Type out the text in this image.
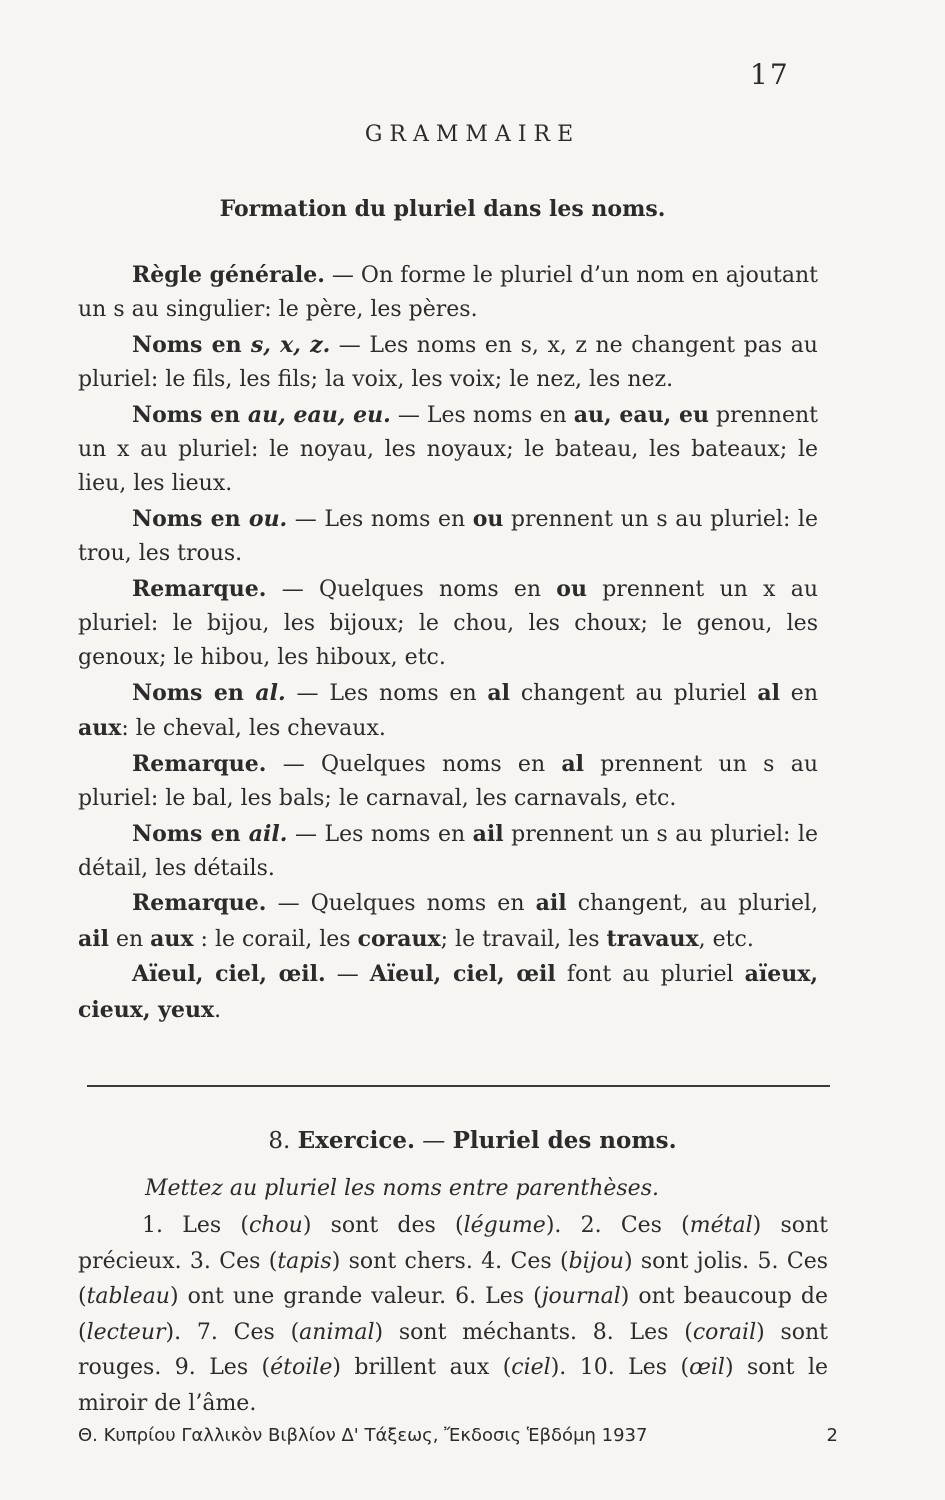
17
GRAMMAIRE
Formation du pluriel dans les noms.

Règle générale. — On forme le pluriel d’un nom en ajoutant un s au singulier: le père, les pères.

Noms en s, x, z. — Les noms en s, x, z ne changent pas au pluriel: le fils, les fils; la voix, les voix; le nez, les nez.

Noms en au, eau, eu. — Les noms en au, eau, eu prennent un x au pluriel: le noyau, les noyaux; le bateau, les bateaux; le lieu, les lieux.

Noms en ou. — Les noms en ou prennent un s au pluriel: le trou, les trous.

Remarque. — Quelques noms en ou prennent un x au pluriel: le bijou, les bijoux; le chou, les choux; le genou, les genoux; le hibou, les hiboux, etc.

Noms en al. — Les noms en al changent au pluriel al en aux: le cheval, les chevaux.

Remarque. — Quelques noms en al prennent un s au pluriel: le bal, les bals; le carnaval, les carnavals, etc.

Noms en ail. — Les noms en ail prennent un s au pluriel: le détail, les détails.

Remarque. — Quelques noms en ail changent, au pluriel, ail en aux : le corail, les coraux; le travail, les travaux, etc.

Aïeul, ciel, œil. — Aïeul, ciel, œil font au pluriel aïeux, cieux, yeux.

8. Exercice. — Pluriel des noms.
Mettez au pluriel les noms entre parenthèses.

1. Les (chou) sont des (légume). 2. Ces (métal) sont précieux. 3. Ces (tapis) sont chers. 4. Ces (bijou) sont jolis. 5. Ces (tableau) ont une grande valeur. 6. Les (journal) ont beaucoup de (lecteur). 7. Ces (animal) sont méchants. 8. Les (corail) sont rouges. 9. Les (étoile) brillent aux (ciel). 10. Les (œil) sont le miroir de l’âme.

Θ. Κυπρίου Γαλλικὸν Βιβλίον Δ' Τάξεως, Ἔκδοσις Ἑβδόμη 1937	2
